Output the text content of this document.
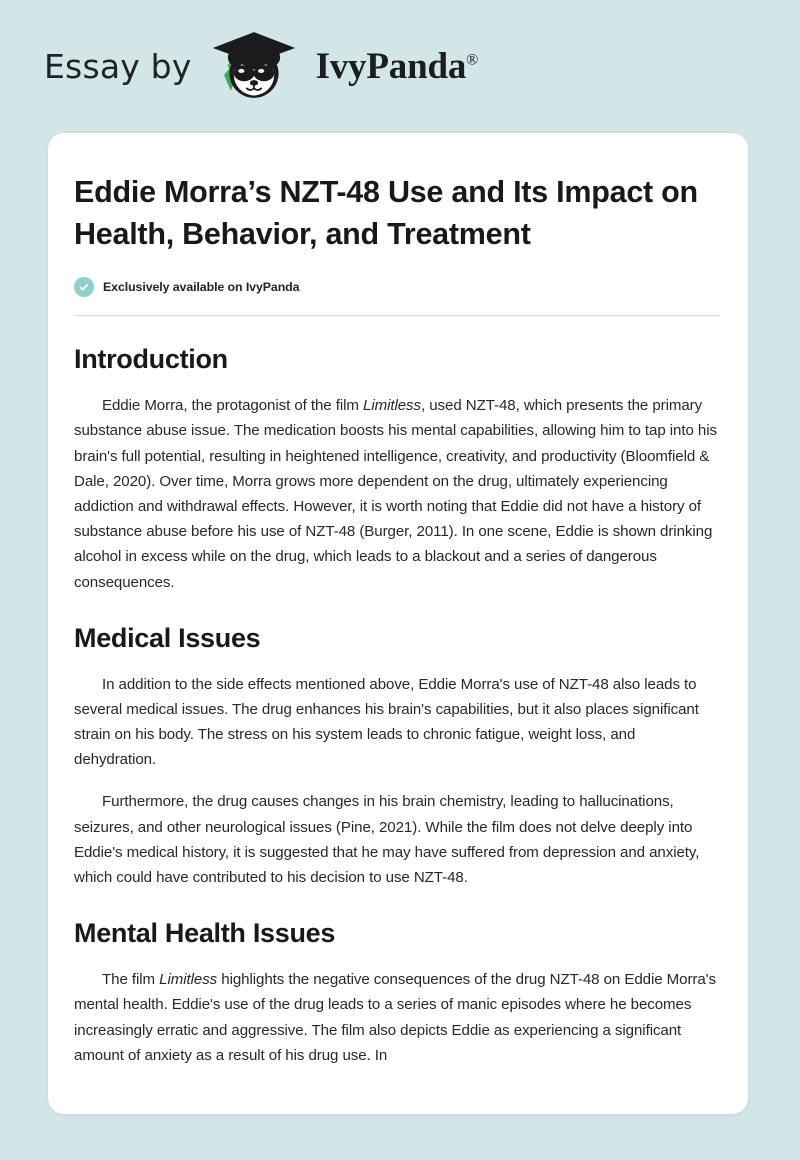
Essay by	IvyPanda®
Eddie Morra’s NZT-48 Use and Its Impact on Health, Behavior, and Treatment
Exclusively available on IvyPanda
Introduction

Eddie Morra, the protagonist of the film Limitless, used NZT-48, which presents the primary substance abuse issue. The medication boosts his mental capabilities, allowing him to tap into his brain's full potential, resulting in heightened intelligence, creativity, and productivity (Bloomfield & Dale, 2020). Over time, Morra grows more dependent on the drug, ultimately experiencing addiction and withdrawal effects. However, it is worth noting that Eddie did not have a history of substance abuse before his use of NZT-48 (Burger, 2011). In one scene, Eddie is shown drinking alcohol in excess while on the drug, which leads to a blackout and a series of dangerous consequences.

Medical Issues

In addition to the side effects mentioned above, Eddie Morra's use of NZT-48 also leads to several medical issues. The drug enhances his brain's capabilities, but it also places significant strain on his body. The stress on his system leads to chronic fatigue, weight loss, and dehydration.

Furthermore, the drug causes changes in his brain chemistry, leading to hallucinations, seizures, and other neurological issues (Pine, 2021). While the film does not delve deeply into Eddie's medical history, it is suggested that he may have suffered from depression and anxiety, which could have contributed to his decision to use NZT-48.

Mental Health Issues

The film Limitless highlights the negative consequences of the drug NZT-48 on Eddie Morra's mental health. Eddie's use of the drug leads to a series of manic episodes where he becomes increasingly erratic and aggressive. The film also depicts Eddie as experiencing a significant amount of anxiety as a result of his drug use. In
